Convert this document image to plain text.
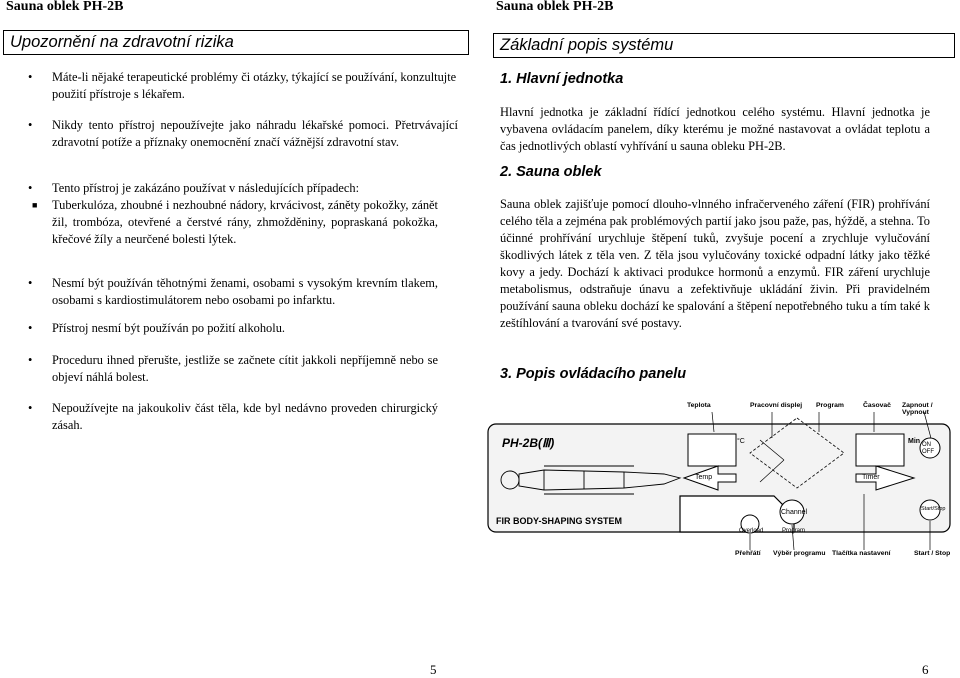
Sauna oblek PH-2B
Upozornění na zdravotní rizika
• Máte-li nějaké terapeutické problémy či otázky, týkající se používání, konzultujte použití přístroje s lékařem.
• Nikdy tento přístroj nepoužívejte jako náhradu lékařské pomoci. Přetrvávající zdravotní potíže a příznaky onemocnění značí vážnější zdravotní stav.
• Tento přístroj je zakázáno používat v následujících případech:
■ Tuberkulóza, zhoubné i nezhoubné nádory, krvácivost, záněty pokožky, zánět žil, trombóza, otevřené a čerstvé rány, zhmožděniny, popraskaná pokožka, křečové žíly a neurčené bolesti lýtek.
• Nesmí být používán těhotnými ženami, osobami s vysokým krevním tlakem, osobami s kardiostimulátorem nebo osobami po infarktu.
• Přístroj nesmí být používán po požití alkoholu.
• Proceduru ihned přerušte, jestliže se začnete cítit jakkoli nepříjemně nebo se objeví náhlá bolest.
• Nepoužívejte na jakoukoliv část těla, kde byl nedávno proveden chirurgický zásah.
5
Sauna oblek PH-2B
Základní popis systému
1. Hlavní jednotka
Hlavní jednotka je základní řídící jednotkou celého systému. Hlavní jednotka je vybavena ovládacím panelem, díky kterému je možné nastavovat a ovládat teplotu a čas jednotlivých oblastí vyhřívání u sauna obleku PH-2B.
2. Sauna oblek
Sauna oblek zajišťuje pomocí dlouho-vlnného infračerveného záření (FIR) prohřívání celého těla a zejména pak problémových partií jako jsou paže, pas, hýždě, a stehna. To účinné prohřívání urychluje štěpení tuků, zvyšuje pocení a zrychluje vylučování škodlivých látek z těla ven. Z těla jsou vylučovány toxické odpadní látky jako těžké kovy a jedy. Dochází k aktivaci produkce hormonů a enzymů. FIR záření urychluje metabolismus, odstraňuje únavu a zefektivňuje ukládání živin. Při pravidelném používání sauna obleku dochází ke spalování a štěpení nepotřebného tuku a tím také k zeštíhlování a tvarování své postavy.
3. Popis ovládacího panelu
Teplota	Pracovní displej Program	Časovač Zapnout / Vypnout
PH-2B(Ⅲ)
FIR BODY-SHAPING SYSTEM
°C	Min
Temp	Timer
Channel
Overload	Program
ON
OFF
Start/Stop
Přehřátí Výběr programu Tlačítka nastavení	Start / Stop
6
